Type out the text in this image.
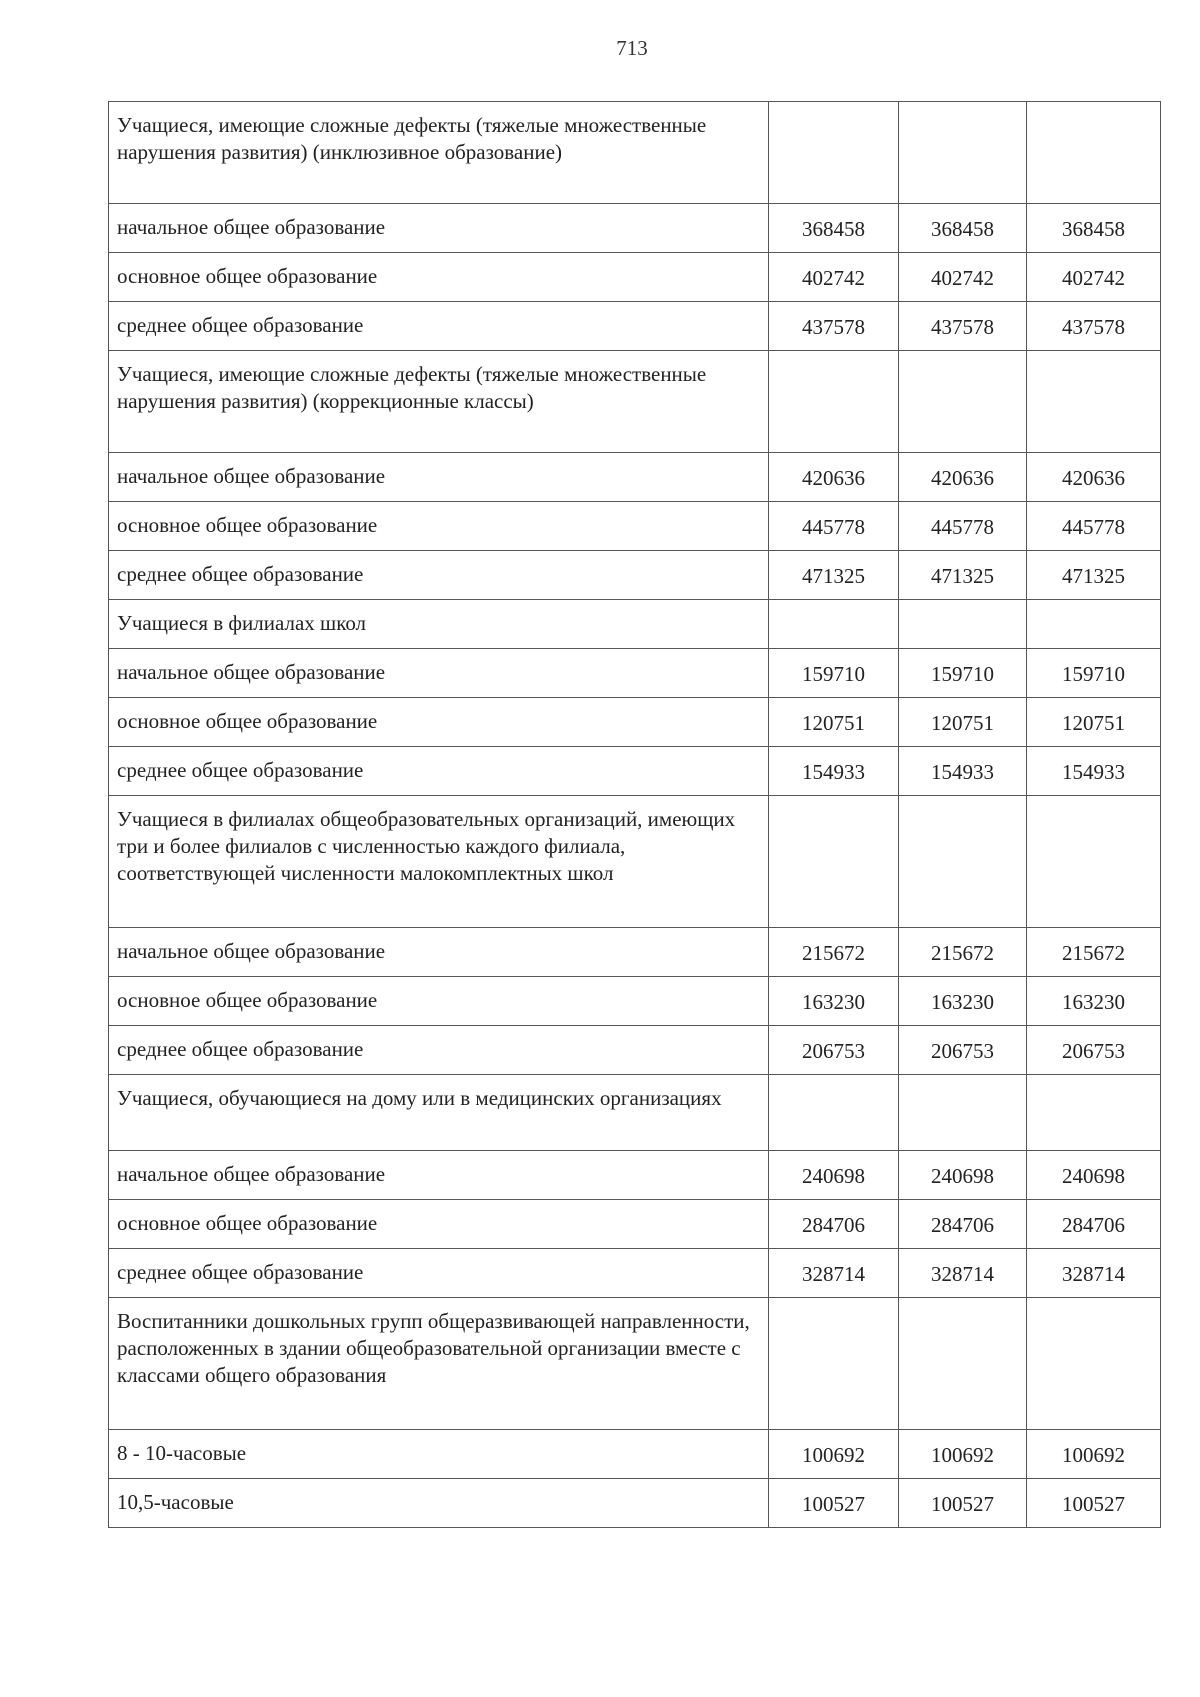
713
Учащиеся, имеющие сложные дефекты (тяжелые множественные нарушения развития) (инклюзивное образование)			
начальное общее образование	368458	368458	368458
основное общее образование	402742	402742	402742
среднее общее образование	437578	437578	437578
Учащиеся, имеющие сложные дефекты (тяжелые множественные нарушения развития) (коррекционные классы)			
начальное общее образование	420636	420636	420636
основное общее образование	445778	445778	445778
среднее общее образование	471325	471325	471325
Учащиеся в филиалах школ			
начальное общее образование	159710	159710	159710
основное общее образование	120751	120751	120751
среднее общее образование	154933	154933	154933
Учащиеся в филиалах общеобразовательных организаций, имеющих три и более филиалов с численностью каждого филиала, соответствующей численности малокомплектных школ			
начальное общее образование	215672	215672	215672
основное общее образование	163230	163230	163230
среднее общее образование	206753	206753	206753
Учащиеся, обучающиеся на дому или в медицинских организациях			
начальное общее образование	240698	240698	240698
основное общее образование	284706	284706	284706
среднее общее образование	328714	328714	328714
Воспитанники дошкольных групп общеразвивающей направленности, расположенных в здании общеобразовательной организации вместе с классами общего образования			
8 - 10-часовые	100692	100692	100692
10,5-часовые	100527	100527	100527
